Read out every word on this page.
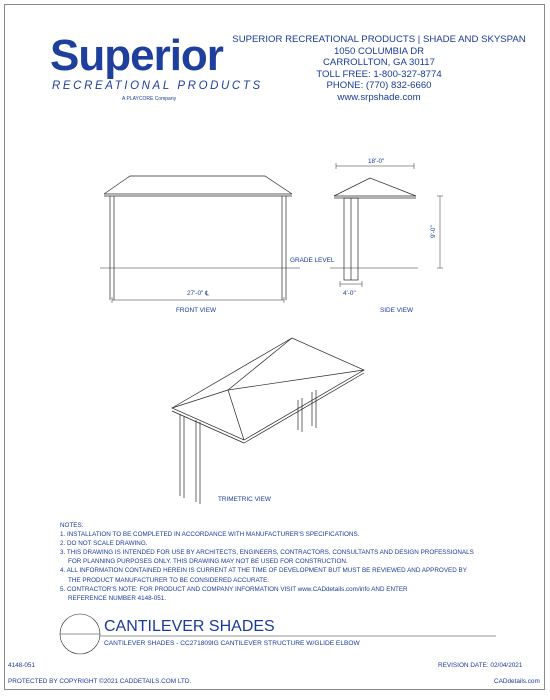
Superior
RECREATIONAL PRODUCTS
A PLAYCORE Company
SUPERIOR RECREATIONAL PRODUCTS | SHADE AND SKYSPAN
1050 COLUMBIA DR
CARROLLTON, GA 30117
TOLL FREE: 1-800-327-8774
PHONE: (770) 832-6660
www.srpshade.com
27'-0" ℄
FRONT VIEW
GRADE LEVEL
18'-0"
9'-0"
4'-0"
SIDE VIEW
TRIMETRIC VIEW
NOTES:
1. INSTALLATION TO BE COMPLETED IN ACCORDANCE WITH MANUFACTURER'S SPECIFICATIONS.
2. DO NOT SCALE DRAWING.
3. THIS DRAWING IS INTENDED FOR USE BY ARCHITECTS, ENGINEERS, CONTRACTORS, CONSULTANTS AND DESIGN PROFESSIONALS
FOR PLANNING PURPOSES ONLY. THIS DRAWING MAY NOT BE USED FOR CONSTRUCTION.
4. ALL INFORMATION CONTAINED HEREIN IS CURRENT AT THE TIME OF DEVELOPMENT BUT MUST BE REVIEWED AND APPROVED BY
THE PRODUCT MANUFACTURER TO BE CONSIDERED ACCURATE.
5. CONTRACTOR'S NOTE: FOR PRODUCT AND COMPANY INFORMATION VISIT www.CADdetails.com/info AND ENTER
REFERENCE NUMBER 4148-051.
CANTILEVER SHADES
CANTILEVER SHADES - CC271809IG CANTILEVER STRUCTURE W/GLIDE ELBOW
4148-051	REVISION DATE: 02/04/2021
PROTECTED BY COPYRIGHT ©2021 CADDETAILS.COM LTD.	CADdetails.com
